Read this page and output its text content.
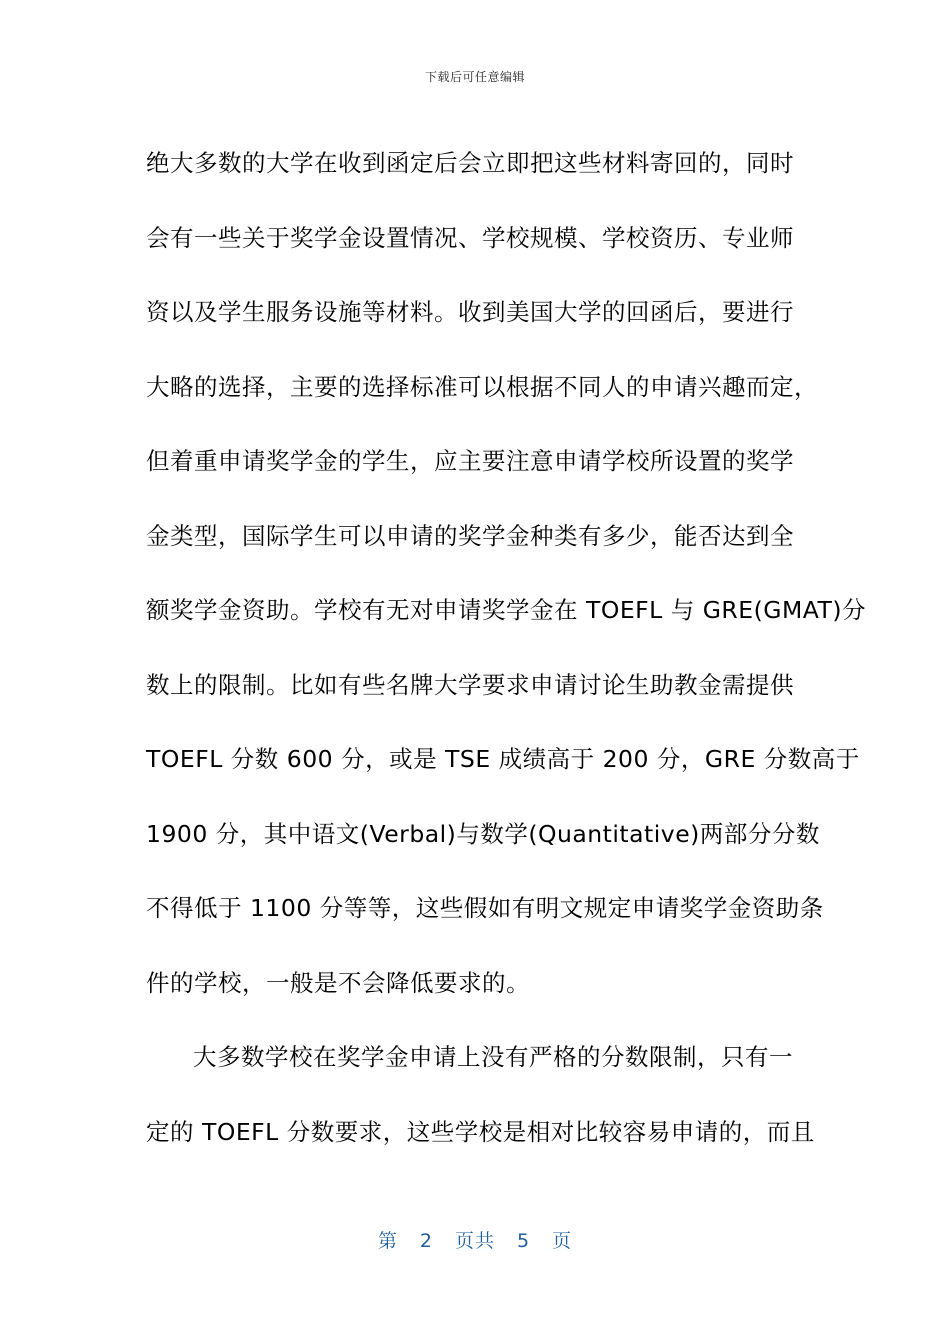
下载后可任意编辑
绝大多数的大学在收到函定后会立即把这些材料寄回的，同时
会有一些关于奖学金设置情况、学校规模、学校资历、专业师
资以及学生服务设施等材料。收到美国大学的回函后，要进行
大略的选择，主要的选择标准可以根据不同人的申请兴趣而定，
但着重申请奖学金的学生，应主要注意申请学校所设置的奖学
金类型，国际学生可以申请的奖学金种类有多少，能否达到全
额奖学金资助。学校有无对申请奖学金在 TOEFL 与 GRE(GMAT)分
数上的限制。比如有些名牌大学要求申请讨论生助教金需提供
TOEFL 分数 600 分，或是 TSE 成绩高于 200 分，GRE 分数高于
1900 分，其中语文(Verbal)与数学(Quantitative)两部分分数
不得低于 1100 分等等，这些假如有明文规定申请奖学金资助条
件的学校，一般是不会降低要求的。
大多数学校在奖学金申请上没有严格的分数限制，只有一
定的 TOEFL 分数要求，这些学校是相对比较容易申请的，而且
第 2 页共 5 页
